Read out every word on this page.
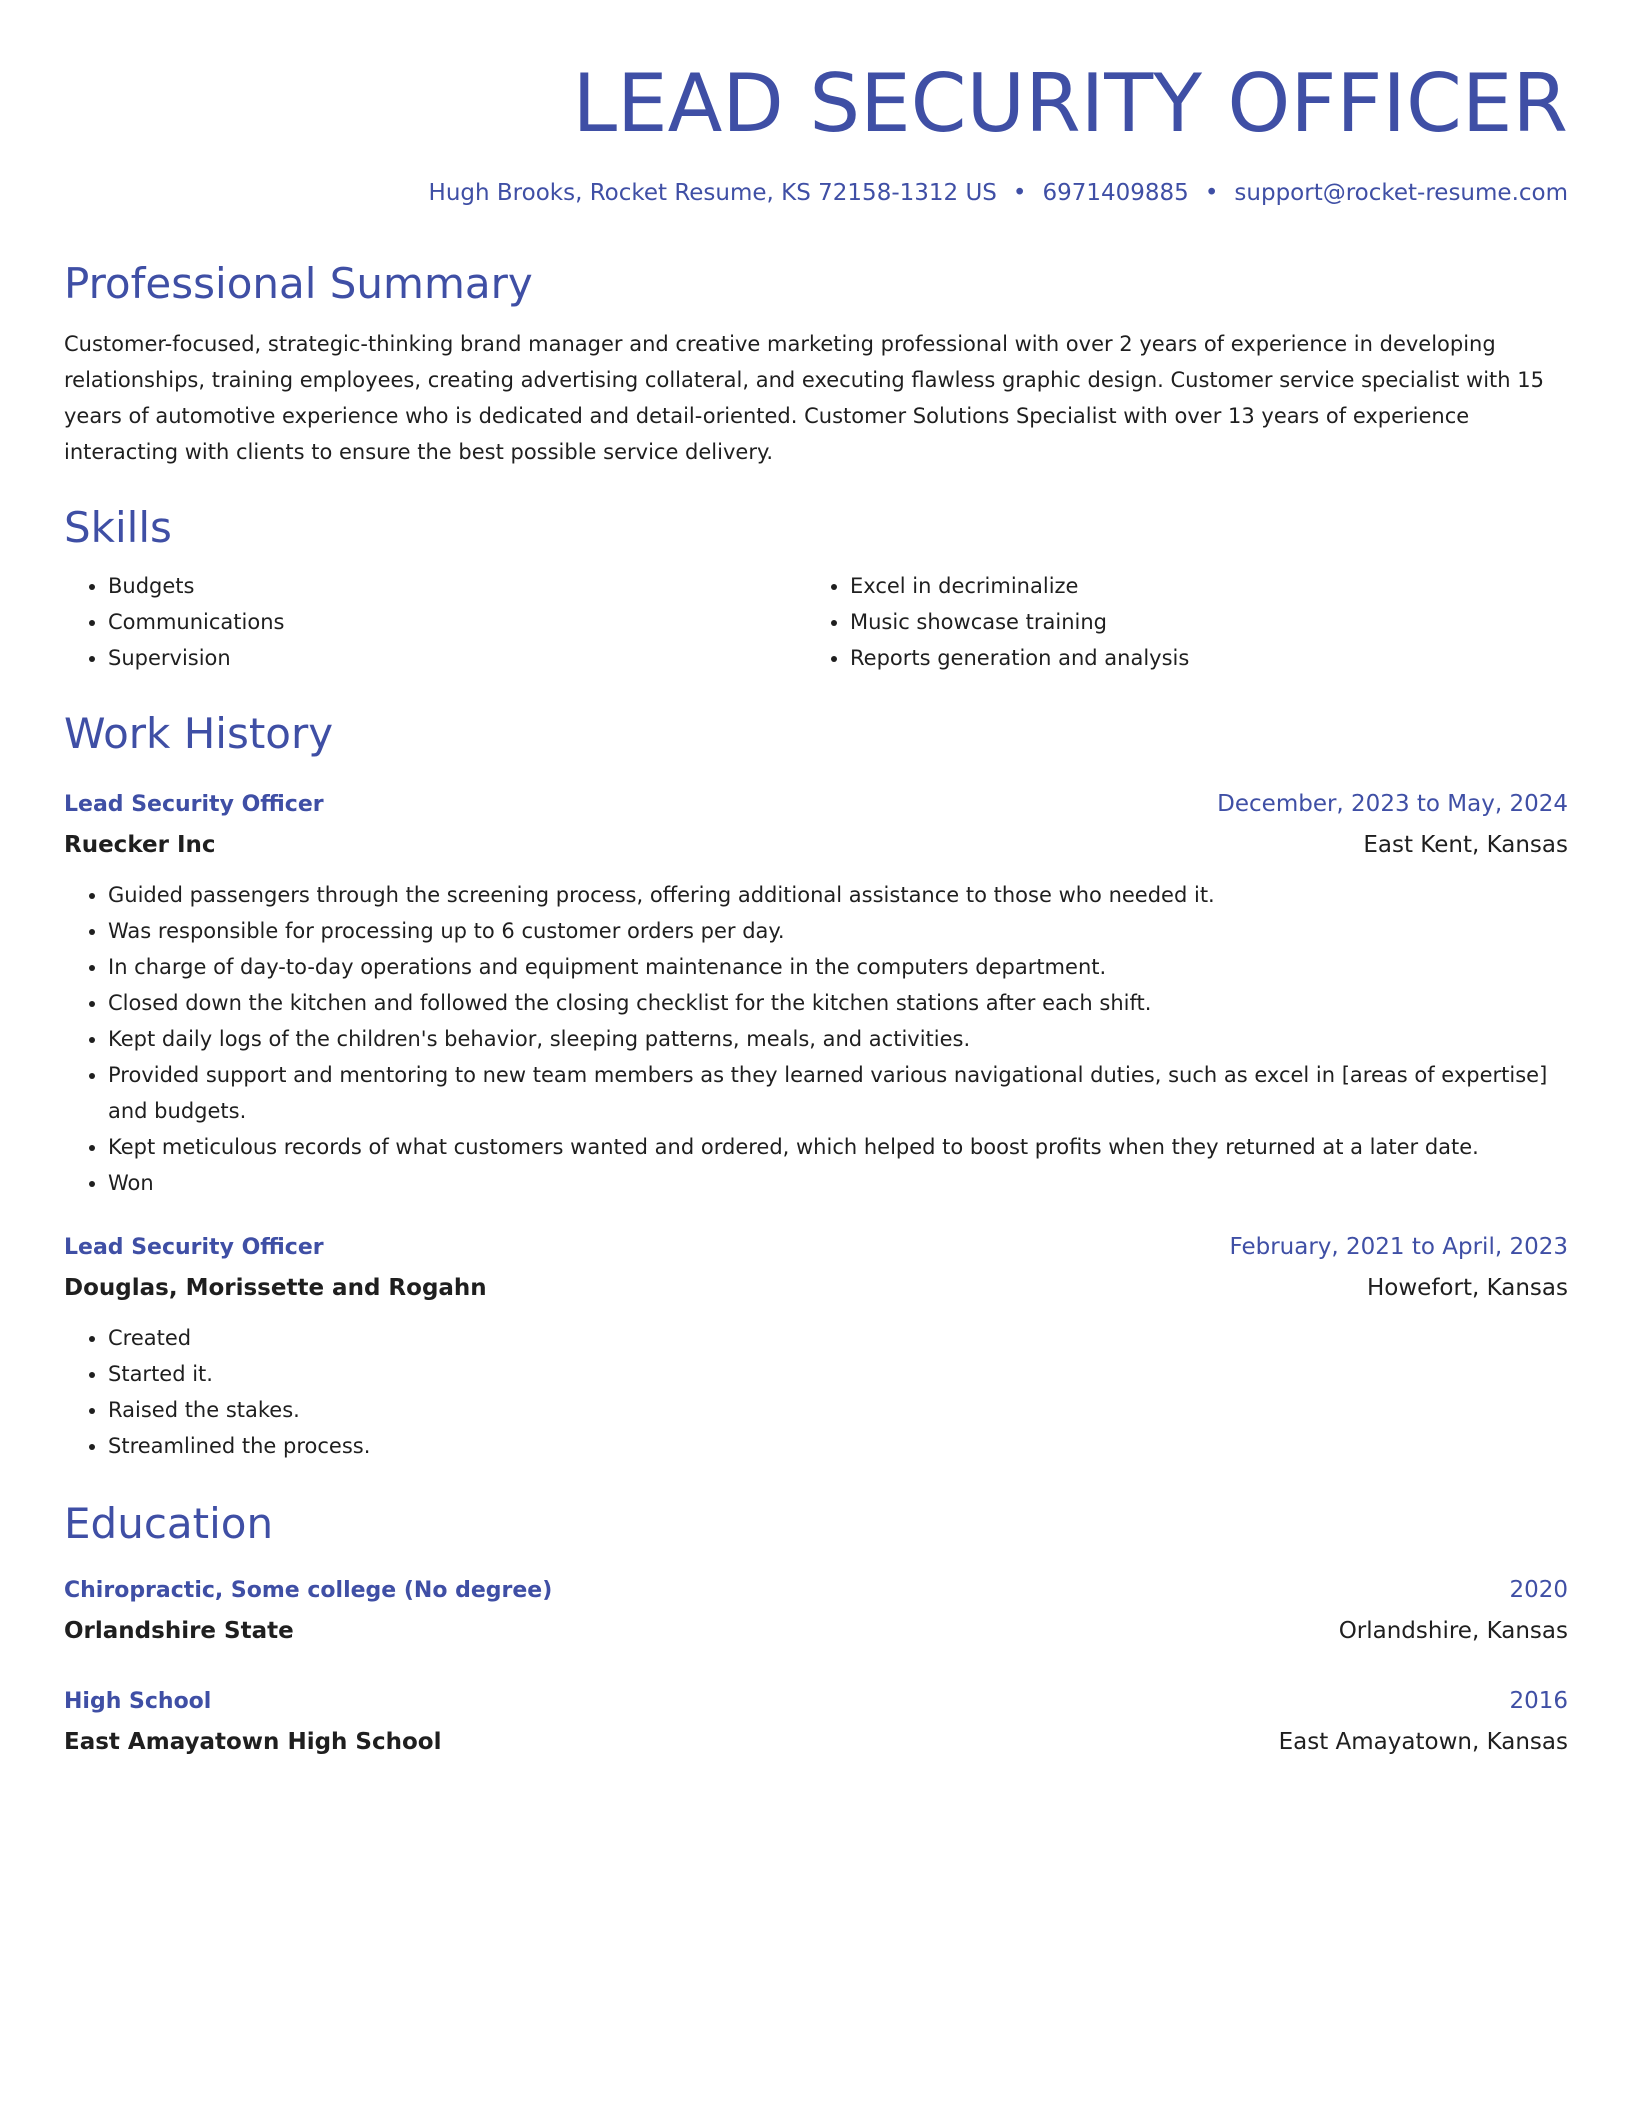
LEAD SECURITY OFFICER
Hugh Brooks, Rocket Resume, KS 72158-1312 US • 6971409885 • support@rocket-resume.com
Professional Summary
Customer-focused, strategic-thinking brand manager and creative marketing professional with over 2 years of experience in developing relationships, training employees, creating advertising collateral, and executing flawless graphic design. Customer service specialist with 15 years of automotive experience who is dedicated and detail-oriented. Customer Solutions Specialist with over 13 years of experience interacting with clients to ensure the best possible service delivery.
Skills
• Budgets
• Communications
• Supervision
• Excel in decriminalize
• Music showcase training
• Reports generation and analysis
Work History
Lead Security Officer	December, 2023 to May, 2024
Ruecker Inc	East Kent, Kansas
• Guided passengers through the screening process, offering additional assistance to those who needed it.
• Was responsible for processing up to 6 customer orders per day.
• In charge of day-to-day operations and equipment maintenance in the computers department.
• Closed down the kitchen and followed the closing checklist for the kitchen stations after each shift.
• Kept daily logs of the children's behavior, sleeping patterns, meals, and activities.
• Provided support and mentoring to new team members as they learned various navigational duties, such as excel in [areas of expertise] and budgets.
• Kept meticulous records of what customers wanted and ordered, which helped to boost profits when they returned at a later date.
• Won
Lead Security Officer	February, 2021 to April, 2023
Douglas, Morissette and Rogahn	Howefort, Kansas
• Created
• Started it.
• Raised the stakes.
• Streamlined the process.
Education
Chiropractic, Some college (No degree)	2020
Orlandshire State	Orlandshire, Kansas
High School	2016
East Amayatown High School	East Amayatown, Kansas
